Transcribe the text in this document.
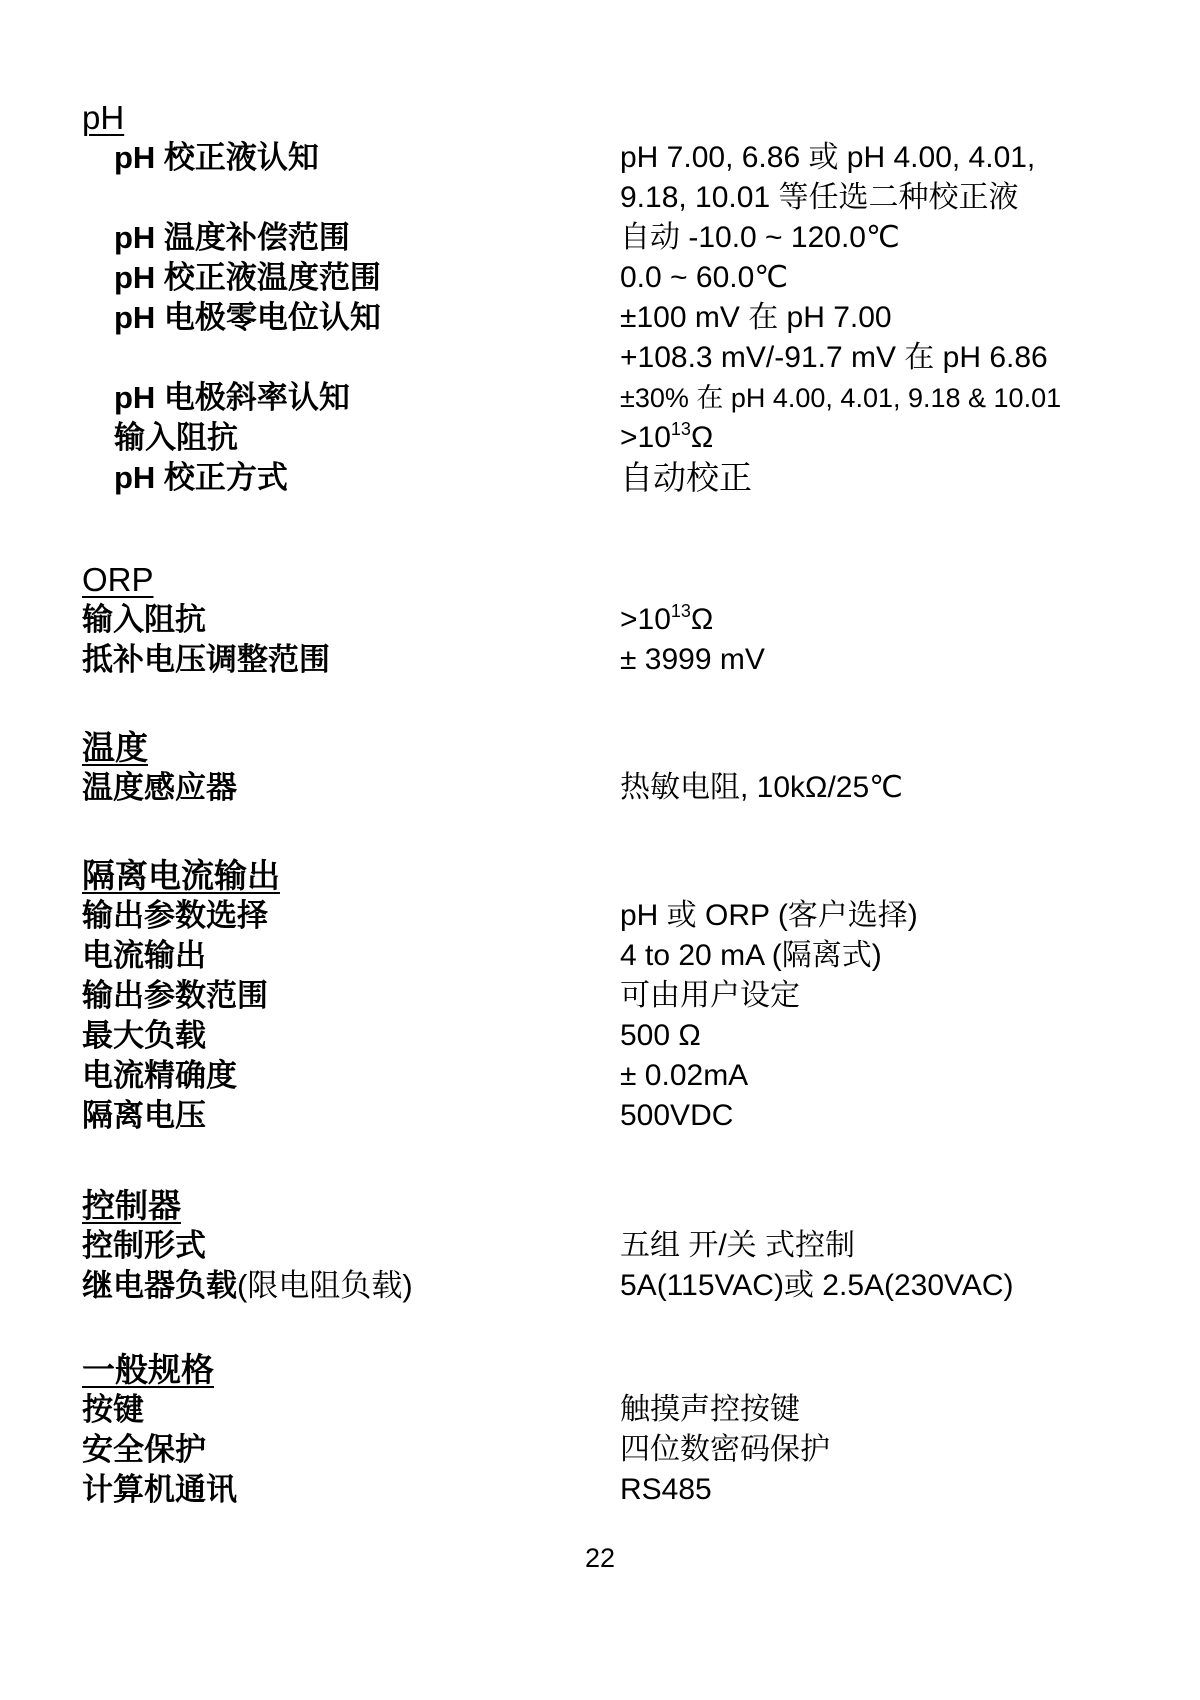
pH
pH 校正液认知	pH 7.00, 6.86 或 pH 4.00, 4.01,
9.18, 10.01 等任选二种校正液
pH 温度补偿范围	自动 -10.0 ~ 120.0℃
pH 校正液温度范围	0.0 ~ 60.0℃
pH 电极零电位认知	±100 mV 在 pH 7.00
+108.3 mV/-91.7 mV 在 pH 6.86
pH 电极斜率认知	±30% 在 pH 4.00, 4.01, 9.18 & 10.01
输入阻抗	$>10^{13}\Omega$
pH 校正方式	自动校正
ORP
输入阻抗	$>10^{13}\Omega$
抵补电压调整范围	± 3999 mV
温度
温度感应器	热敏电阻, 10kΩ/25℃
隔离电流输出
输出参数选择	pH 或 ORP (客户选择)
电流输出	4 to 20 mA (隔离式)
输出参数范围	可由用户设定
最大负载	500 Ω
电流精确度	± 0.02mA
隔离电压	500VDC
控制器
控制形式	五组 开/关 式控制
继电器负载(限电阻负载)	5A(115VAC)或 2.5A(230VAC)
一般规格
按键	触摸声控按键
安全保护	四位数密码保护
计算机通讯	RS485
22
